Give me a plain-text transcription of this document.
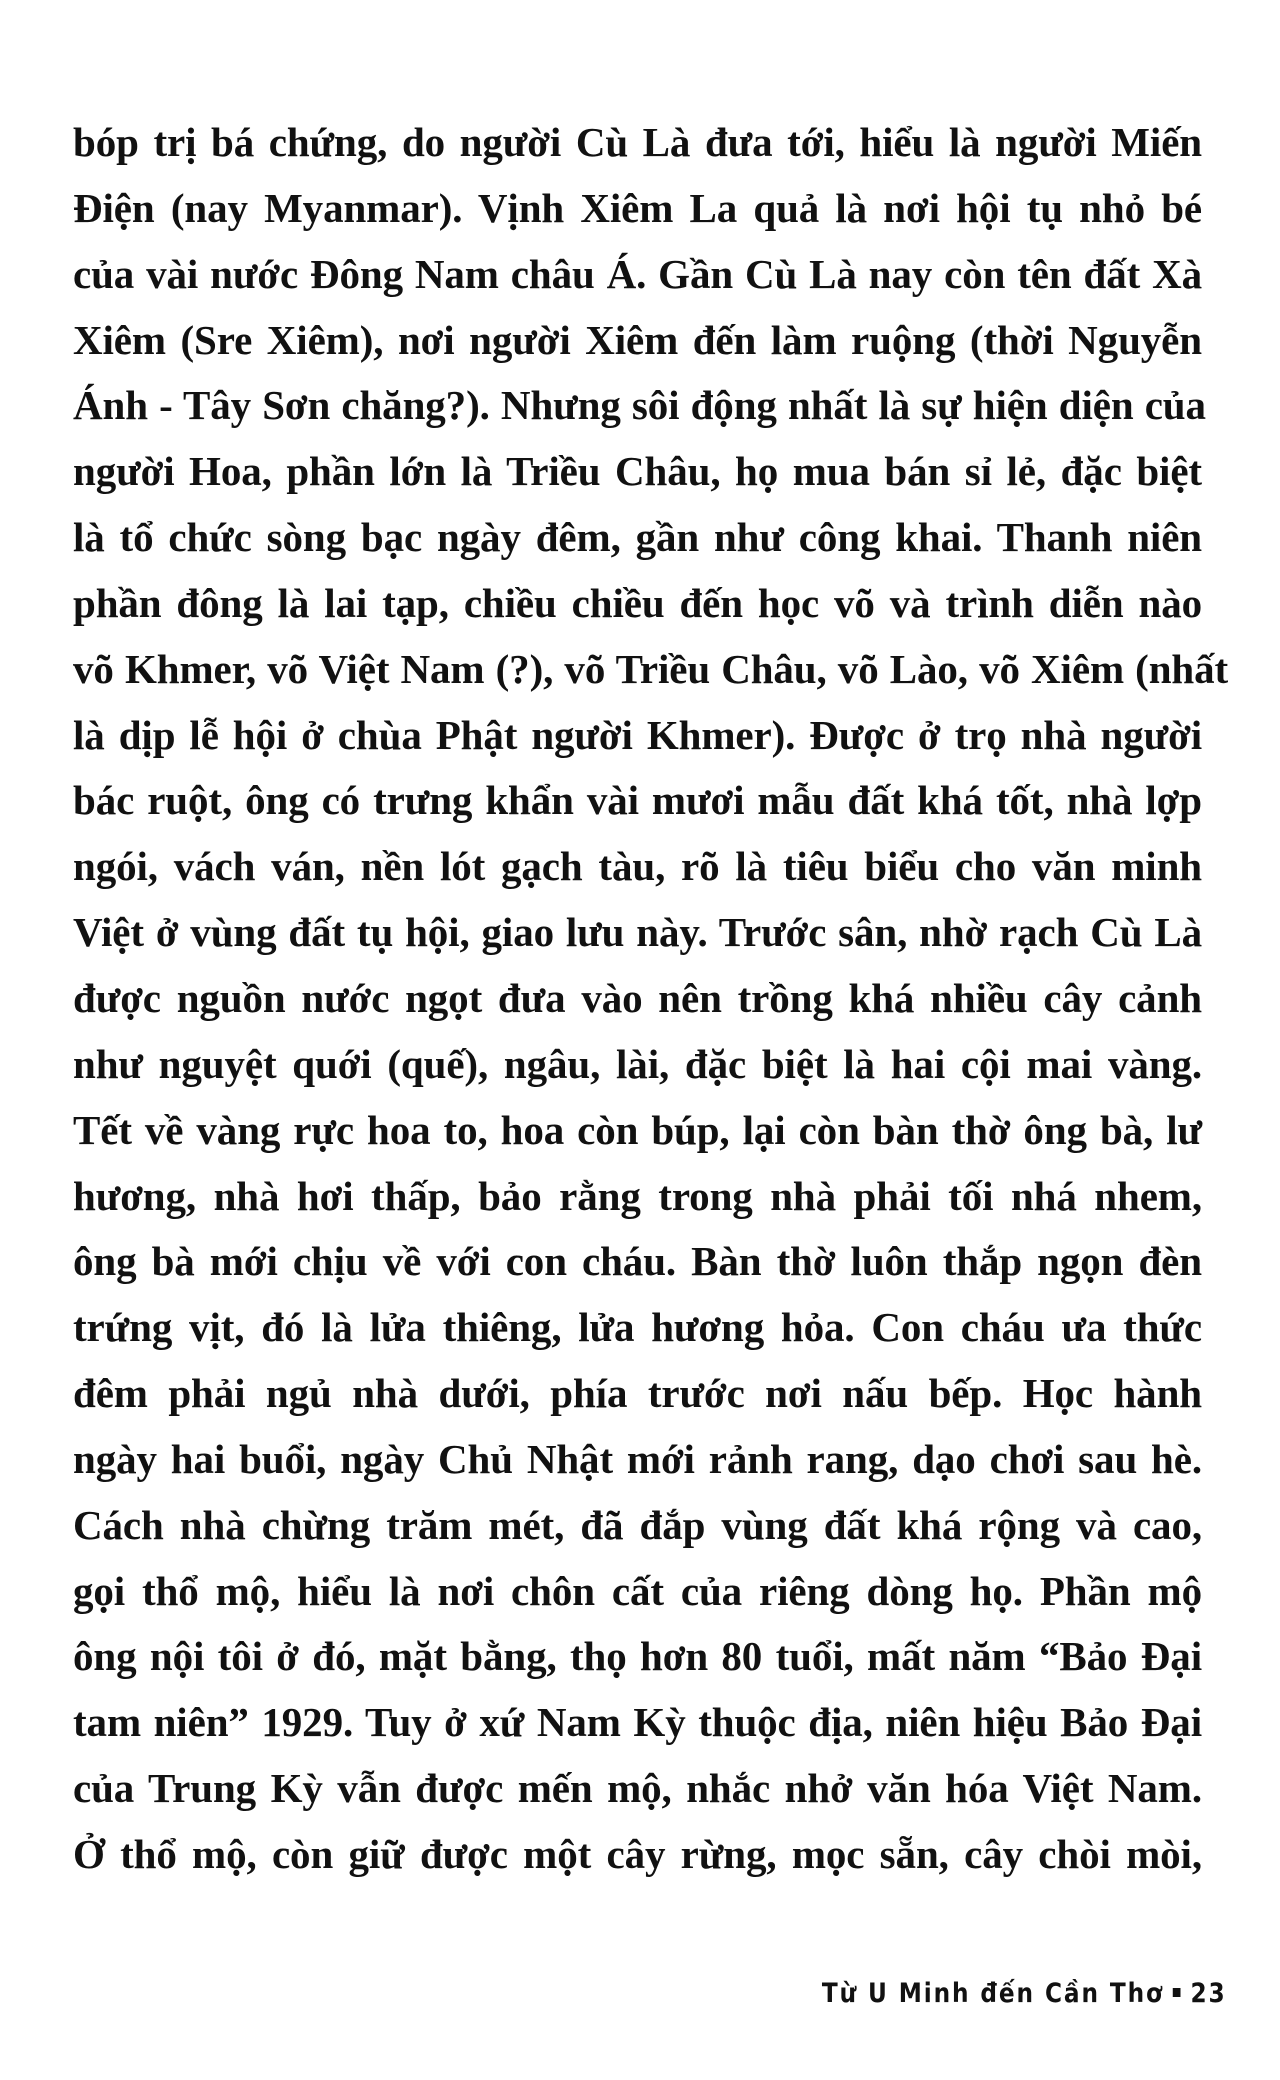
bóp trị bá chứng, do người Cù Là đưa tới, hiểu là người Miến
Điện (nay Myanmar). Vịnh Xiêm La quả là nơi hội tụ nhỏ bé
của vài nước Đông Nam châu Á. Gần Cù Là nay còn tên đất Xà
Xiêm (Sre Xiêm), nơi người Xiêm đến làm ruộng (thời Nguyễn
Ánh - Tây Sơn chăng?). Nhưng sôi động nhất là sự hiện diện của
người Hoa, phần lớn là Triều Châu, họ mua bán sỉ lẻ, đặc biệt
là tổ chức sòng bạc ngày đêm, gần như công khai. Thanh niên
phần đông là lai tạp, chiều chiều đến học võ và trình diễn nào
võ Khmer, võ Việt Nam (?), võ Triều Châu, võ Lào, võ Xiêm (nhất
là dịp lễ hội ở chùa Phật người Khmer). Được ở trọ nhà người
bác ruột, ông có trưng khẩn vài mươi mẫu đất khá tốt, nhà lợp
ngói, vách ván, nền lót gạch tàu, rõ là tiêu biểu cho văn minh
Việt ở vùng đất tụ hội, giao lưu này. Trước sân, nhờ rạch Cù Là
được nguồn nước ngọt đưa vào nên trồng khá nhiều cây cảnh
như nguyệt quới (quế), ngâu, lài, đặc biệt là hai cội mai vàng.
Tết về vàng rực hoa to, hoa còn búp, lại còn bàn thờ ông bà, lư
hương, nhà hơi thấp, bảo rằng trong nhà phải tối nhá nhem,
ông bà mới chịu về với con cháu. Bàn thờ luôn thắp ngọn đèn
trứng vịt, đó là lửa thiêng, lửa hương hỏa. Con cháu ưa thức
đêm phải ngủ nhà dưới, phía trước nơi nấu bếp. Học hành
ngày hai buổi, ngày Chủ Nhật mới rảnh rang, dạo chơi sau hè.
Cách nhà chừng trăm mét, đã đắp vùng đất khá rộng và cao,
gọi thổ mộ, hiểu là nơi chôn cất của riêng dòng họ. Phần mộ
ông nội tôi ở đó, mặt bằng, thọ hơn 80 tuổi, mất năm “Bảo Đại
tam niên” 1929. Tuy ở xứ Nam Kỳ thuộc địa, niên hiệu Bảo Đại
của Trung Kỳ vẫn được mến mộ, nhắc nhở văn hóa Việt Nam.
Ở thổ mộ, còn giữ được một cây rừng, mọc sẵn, cây chòi mòi,
Từ U Minh đến Cần Thơ 23
